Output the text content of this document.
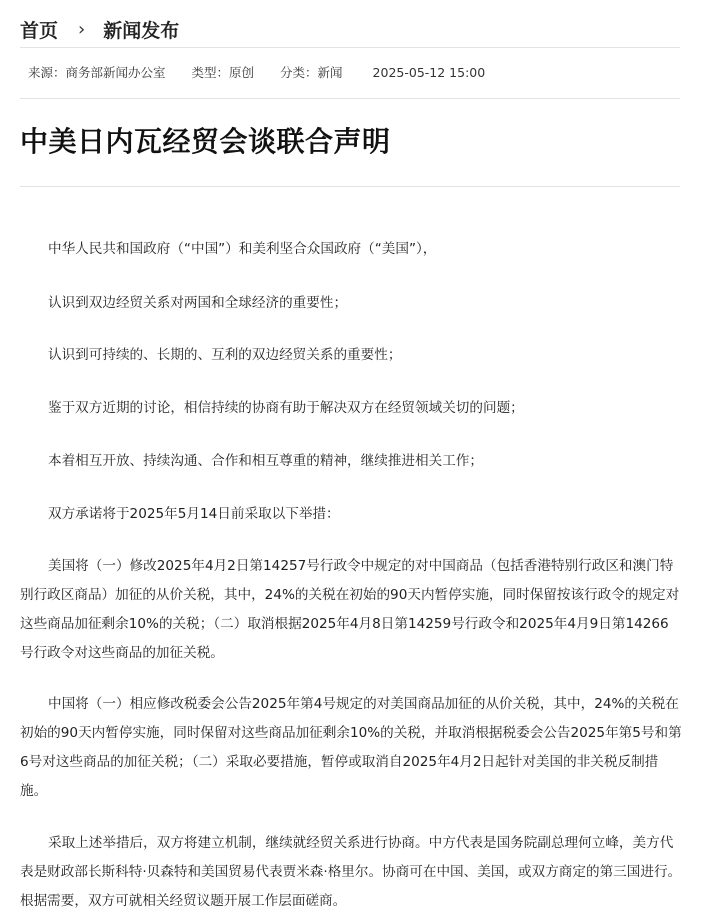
首页 › 新闻发布
来源：商务部新闻办公室 类型：原创 分类：新闻 2025-05-12 15:00
中美日内瓦经贸会谈联合声明

中华人民共和国政府（“中国”）和美利坚合众国政府（“美国”），

认识到双边经贸关系对两国和全球经济的重要性；

认识到可持续的、长期的、互利的双边经贸关系的重要性；

鉴于双方近期的讨论，相信持续的协商有助于解决双方在经贸领域关切的问题；

本着相互开放、持续沟通、合作和相互尊重的精神，继续推进相关工作；

双方承诺将于2025年5月14日前采取以下举措：

美国将（一）修改2025年4月2日第14257号行政令中规定的对中国商品（包括香港特别行政区和澳门特别行政区商品）加征的从价关税，其中，24%的关税在初始的90天内暂停实施，同时保留按该行政令的规定对这些商品加征剩余10%的关税；（二）取消根据2025年4月8日第14259号行政令和2025年4月9日第14266号行政令对这些商品的加征关税。

中国将（一）相应修改税委会公告2025年第4号规定的对美国商品加征的从价关税，其中，24%的关税在初始的90天内暂停实施，同时保留对这些商品加征剩余10%的关税，并取消根据税委会公告2025年第5号和第6号对这些商品的加征关税；（二）采取必要措施，暂停或取消自2025年4月2日起针对美国的非关税反制措施。

采取上述举措后，双方将建立机制，继续就经贸关系进行协商。中方代表是国务院副总理何立峰，美方代表是财政部长斯科特·贝森特和美国贸易代表贾米森·格里尔。协商可在中国、美国，或双方商定的第三国进行。根据需要，双方可就相关经贸议题开展工作层面磋商。
